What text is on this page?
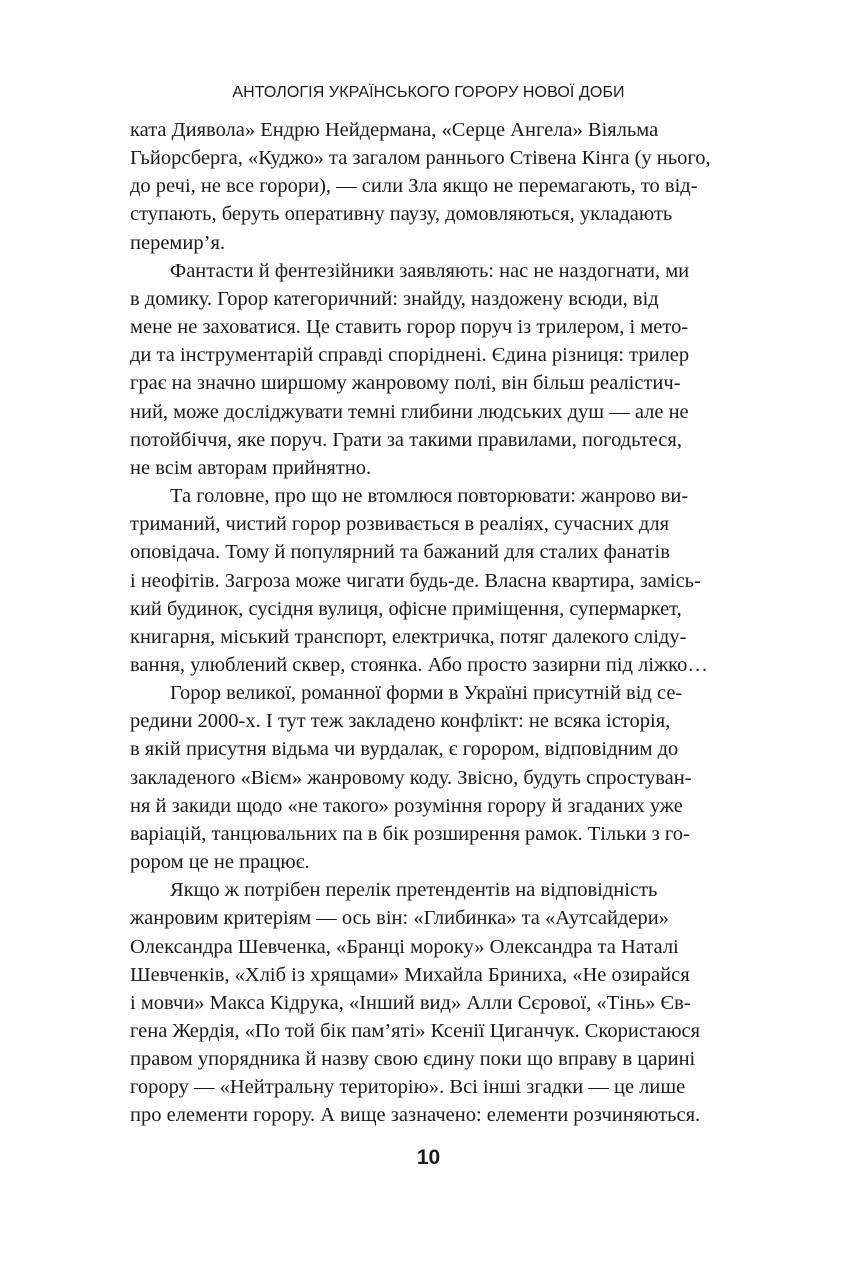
АНТОЛОГІЯ УКРАЇНСЬКОГО ГОРОРУ НОВОЇ ДОБИ

ката Диявола» Ендрю Нейдермана, «Серце Ангела» Віяльма
Гьйорсберга, «Куджо» та загалом раннього Стівена Кінга (у нього,
до речі, не все горори), — сили Зла якщо не перемагають, то від-
ступають, беруть оперативну паузу, домовляються, укладають
перемир’я.

Фантасти й фентезійники заявляють: нас не наздогнати, ми
в домику. Горор категоричний: знайду, наздожену всюди, від
мене не заховатися. Це ставить горор поруч із трилером, і мето-
ди та інструментарій справді споріднені. Єдина різниця: трилер
грає на значно ширшому жанровому полі, він більш реалістич-
ний, може досліджувати темні глибини людських душ — але не
потойбіччя, яке поруч. Грати за такими правилами, погодьтеся,
не всім авторам прийнятно.

Та головне, про що не втомлюся повторювати: жанрово ви-
триманий, чистий горор розвивається в реаліях, сучасних для
оповідача. Тому й популярний та бажаний для сталих фанатів
і неофітів. Загроза може чигати будь-де. Власна квартира, замісь-
кий будинок, сусідня вулиця, офісне приміщення, супермаркет,
книгарня, міський транспорт, електричка, потяг далекого сліду-
вання, улюблений сквер, стоянка. Або просто зазирни під ліжко…

Горор великої, романної форми в Україні присутній від се-
редини 2000-х. І тут теж закладено конфлікт: не всяка історія,
в якій присутня відьма чи вурдалак, є горором, відповідним до
закладеного «Вієм» жанровому коду. Звісно, будуть спростуван-
ня й закиди щодо «не такого» розуміння горору й згаданих уже
варіацій, танцювальних па в бік розширення рамок. Тільки з го-
рором це не працює.

Якщо ж потрібен перелік претендентів на відповідність
жанровим критеріям — ось він: «Глибинка» та «Аутсайдери»
Олександра Шевченка, «Бранці мороку» Олександра та Наталі
Шевченків, «Хліб із хрящами» Михайла Бриниха, «Не озирайся
і мовчи» Макса Кідрука, «Інший вид» Алли Сєрової, «Тінь» Єв-
гена Жердія, «По той бік пам’яті» Ксенії Циганчук. Скористаюся
правом упорядника й назву свою єдину поки що вправу в царині
горору — «Нейтральну територію». Всі інші згадки — це лише
про елементи горору. А вище зазначено: елементи розчиняються.

10
